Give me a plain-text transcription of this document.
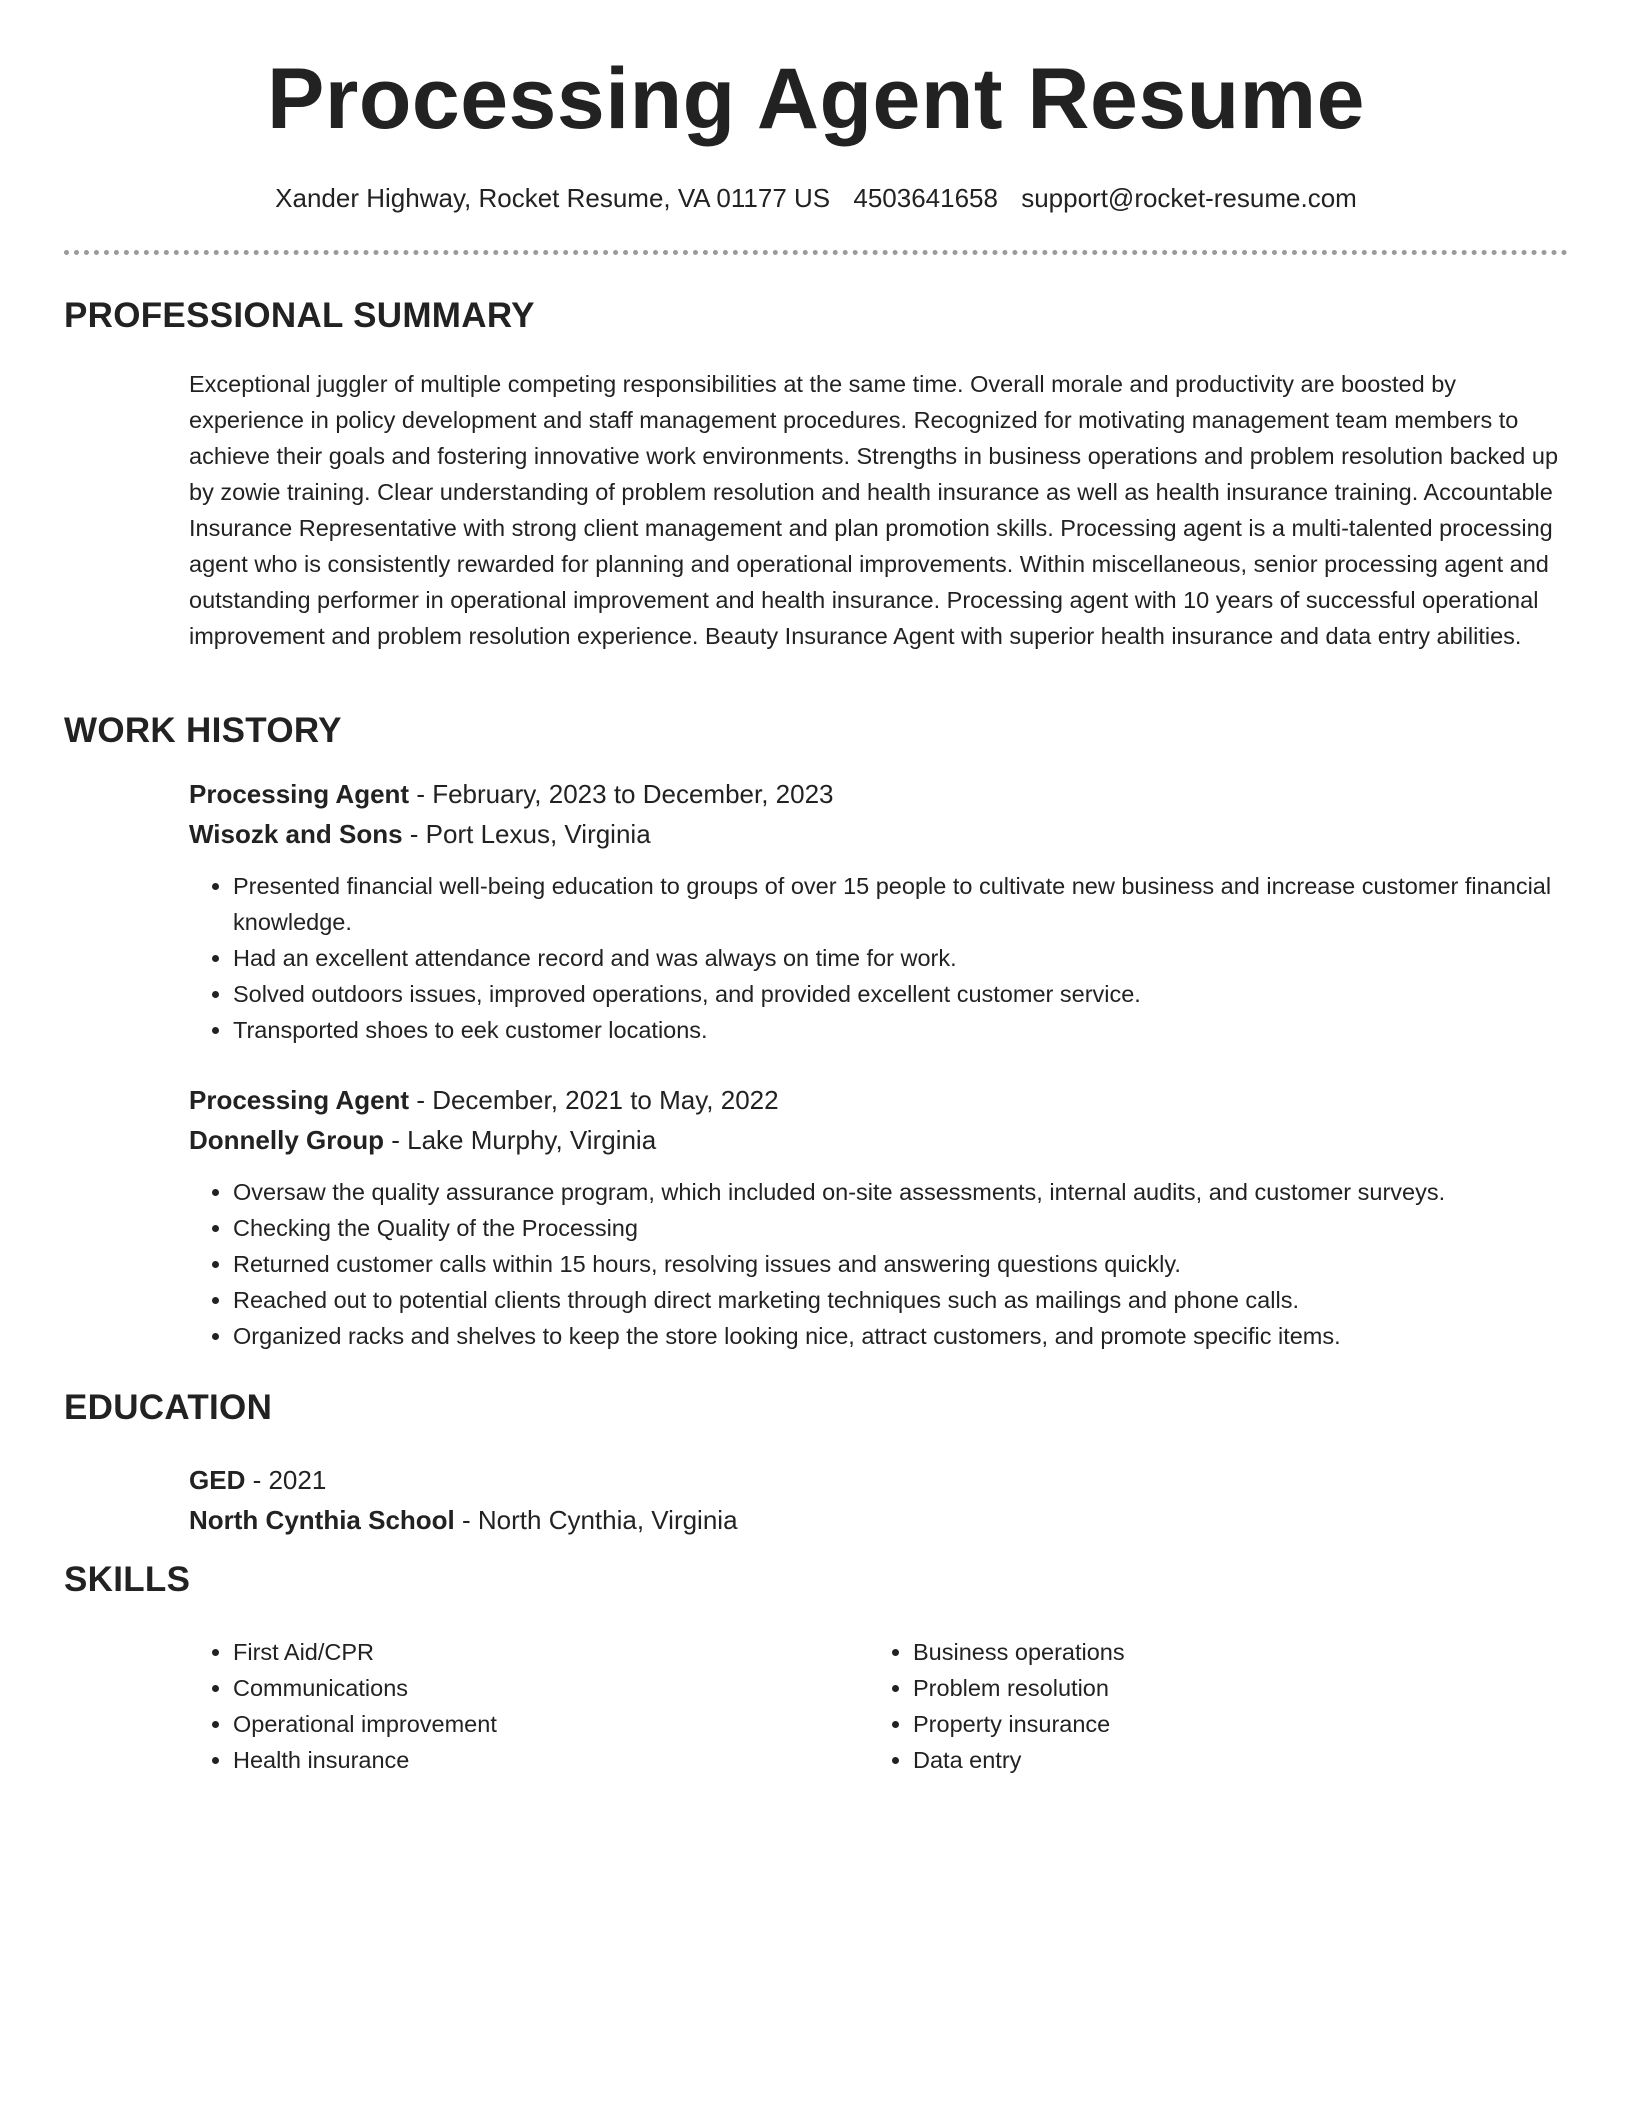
Processing Agent Resume
Xander Highway, Rocket Resume, VA 01177 US 4503641658 support@rocket-resume.com
PROFESSIONAL SUMMARY
Exceptional juggler of multiple competing responsibilities at the same time. Overall morale and productivity are boosted by experience in policy development and staff management procedures. Recognized for motivating management team members to achieve their goals and fostering innovative work environments. Strengths in business operations and problem resolution backed up by zowie training. Clear understanding of problem resolution and health insurance as well as health insurance training. Accountable Insurance Representative with strong client management and plan promotion skills. Processing agent is a multi-talented processing agent who is consistently rewarded for planning and operational improvements. Within miscellaneous, senior processing agent and outstanding performer in operational improvement and health insurance. Processing agent with 10 years of successful operational improvement and problem resolution experience. Beauty Insurance Agent with superior health insurance and data entry abilities.
WORK HISTORY
Processing Agent - February, 2023 to December, 2023
Wisozk and Sons - Port Lexus, Virginia
• Presented financial well-being education to groups of over 15 people to cultivate new business and increase customer financial knowledge.
• Had an excellent attendance record and was always on time for work.
• Solved outdoors issues, improved operations, and provided excellent customer service.
• Transported shoes to eek customer locations.
Processing Agent - December, 2021 to May, 2022
Donnelly Group - Lake Murphy, Virginia
• Oversaw the quality assurance program, which included on-site assessments, internal audits, and customer surveys.
• Checking the Quality of the Processing
• Returned customer calls within 15 hours, resolving issues and answering questions quickly.
• Reached out to potential clients through direct marketing techniques such as mailings and phone calls.
• Organized racks and shelves to keep the store looking nice, attract customers, and promote specific items.
EDUCATION
GED - 2021
North Cynthia School - North Cynthia, Virginia
SKILLS
• First Aid/CPR
• Communications
• Operational improvement
• Health insurance
• Business operations
• Problem resolution
• Property insurance
• Data entry
